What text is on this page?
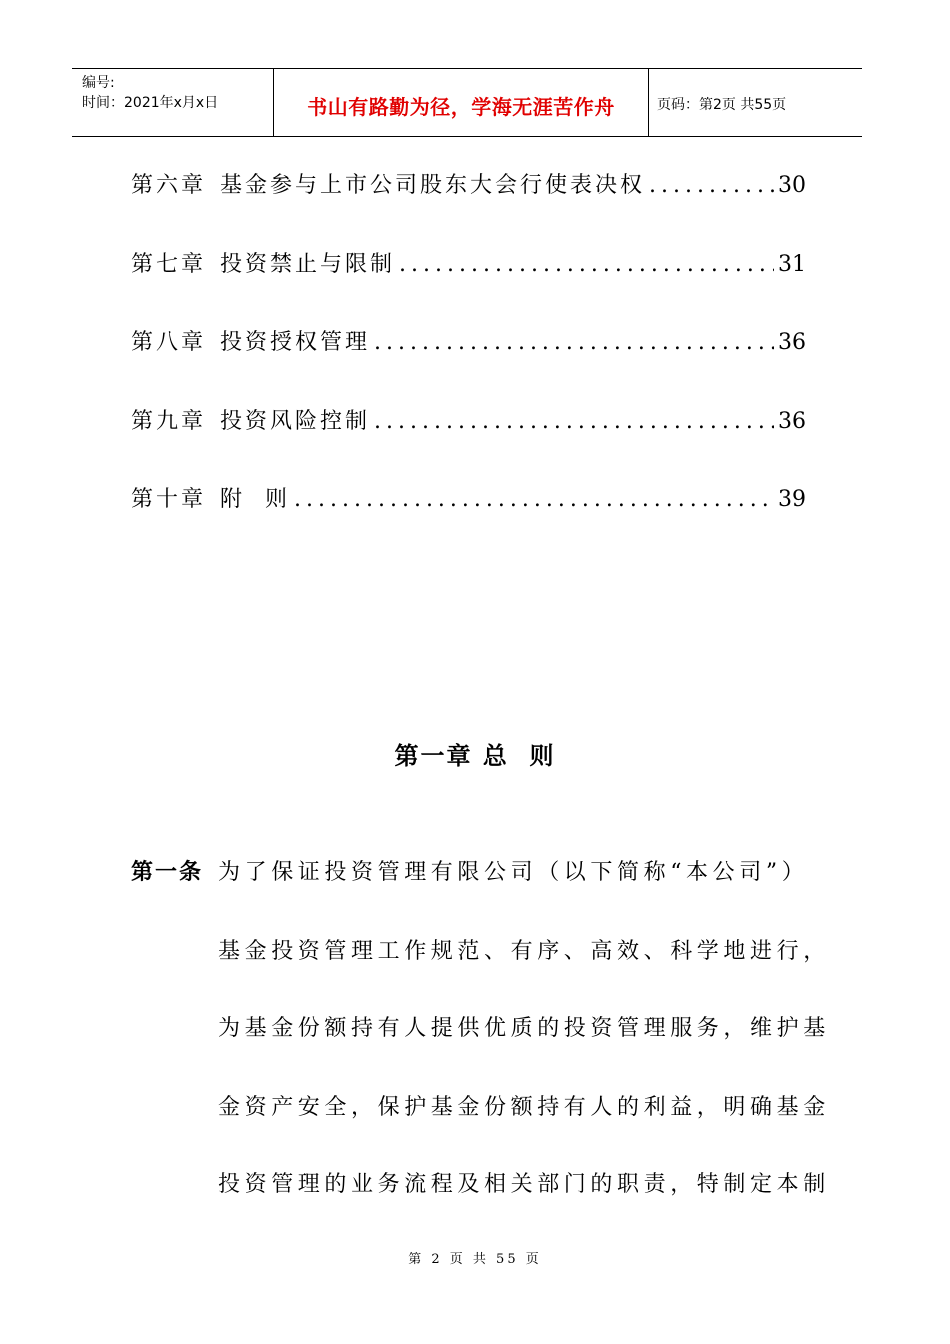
编号:
时间：2021年x月x日	书山有路勤为径，学海无涯苦作舟	页码：第2页 共55页
第六章 基金参与上市公司股东大会行使表决权 .....	30
第七章 投资禁止与限制 .....	31
第八章 投资授权管理 .....	36
第九章 投资风险控制 .....	36
第十章 附  则 .....	39
第一章 总  则
第一条 为了保证投资管理有限公司（以下简称“本公司”）
基金投资管理工作规范、有序、高效、科学地进行，
为基金份额持有人提供优质的投资管理服务，维护基
金资产安全，保护基金份额持有人的利益，明确基金
投资管理的业务流程及相关部门的职责，特制定本制
第 2 页 共 55 页
